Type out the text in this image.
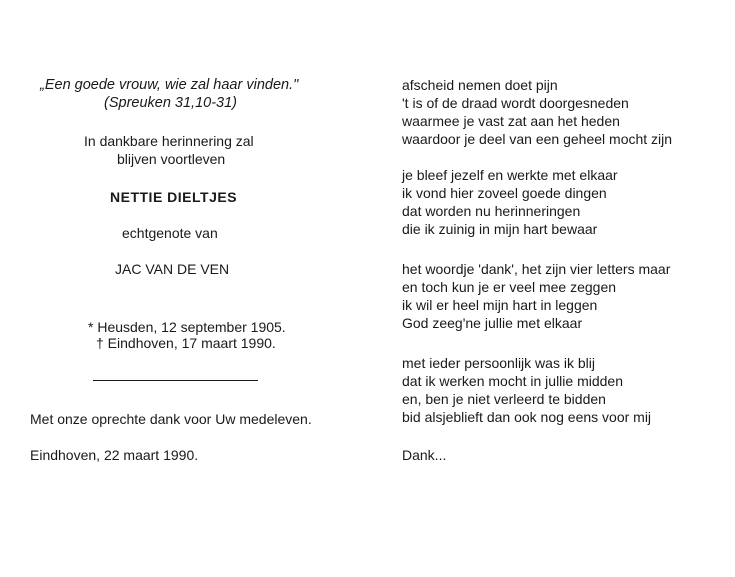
„Een goede vrouw, wie zal haar vinden."
(Spreuken 31,10-31)
In dankbare herinnering zal
blijven voortleven
NETTIE DIELTJES
echtgenote van
JAC VAN DE VEN
* Heusden, 12 september 1905.
† Eindhoven, 17 maart 1990.
Met onze oprechte dank voor Uw medeleven.
Eindhoven, 22 maart 1990.
afscheid nemen doet pijn
't is of de draad wordt doorgesneden
waarmee je vast zat aan het heden
waardoor je deel van een geheel mocht zijn
je bleef jezelf en werkte met elkaar
ik vond hier zoveel goede dingen
dat worden nu herinneringen
die ik zuinig in mijn hart bewaar
het woordje 'dank', het zijn vier letters maar
en toch kun je er veel mee zeggen
ik wil er heel mijn hart in leggen
God zeeg'ne jullie met elkaar
met ieder persoonlijk was ik blij
dat ik werken mocht in jullie midden
en, ben je niet verleerd te bidden
bid alsjeblieft dan ook nog eens voor mij
Dank...
